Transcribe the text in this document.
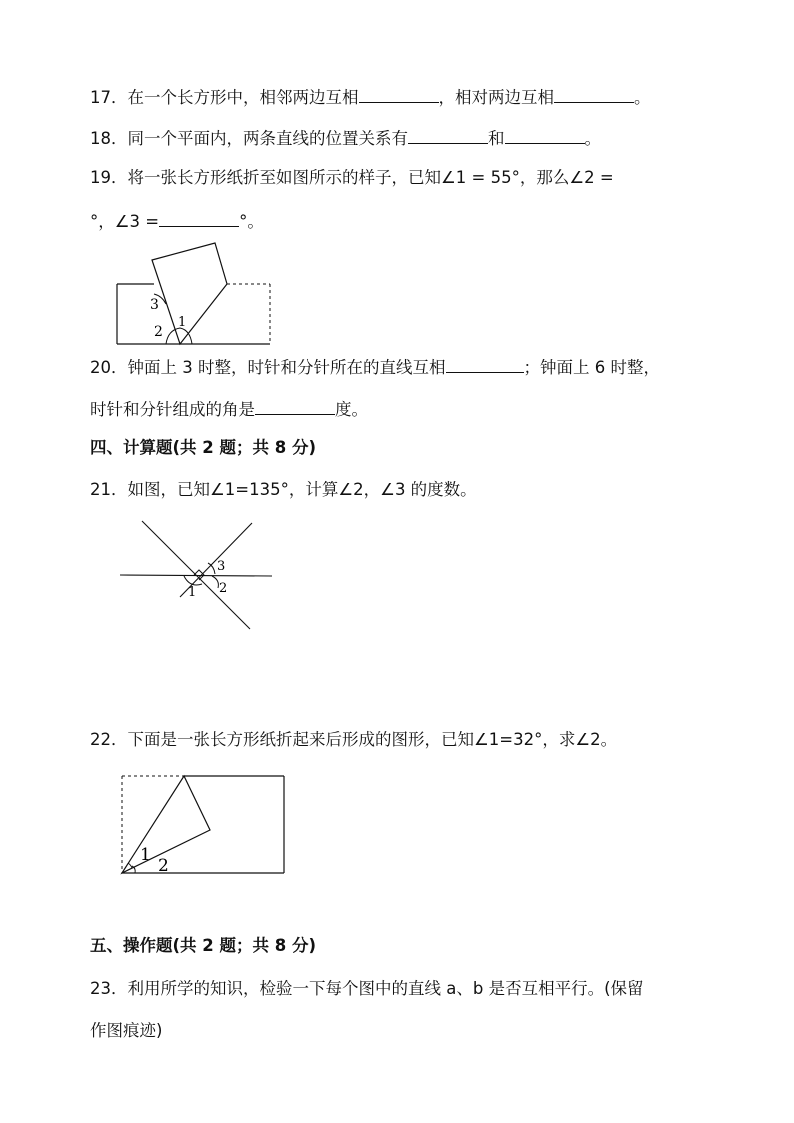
17．在一个长方形中，相邻两边互相	，相对两边互相	。
18．同一个平面内，两条直线的位置关系有	和	。
19．将一张长方形纸折至如图所示的样子，已知∠1 = 55°，那么∠2 =
°，∠3 =	°。
3
2
1
20．钟面上 3 时整，时针和分针所在的直线互相	；钟面上 6 时整，
时针和分针组成的角是	度。
四、计算题(共 2 题；共 8 分)
21．如图，已知∠1=135°，计算∠2，∠3 的度数。
3
2
1
22．下面是一张长方形纸折起来后形成的图形，已知∠1=32°，求∠2。
1
2
五、操作题(共 2 题；共 8 分)
23．利用所学的知识，检验一下每个图中的直线 a、b 是否互相平行。(保留
作图痕迹)
